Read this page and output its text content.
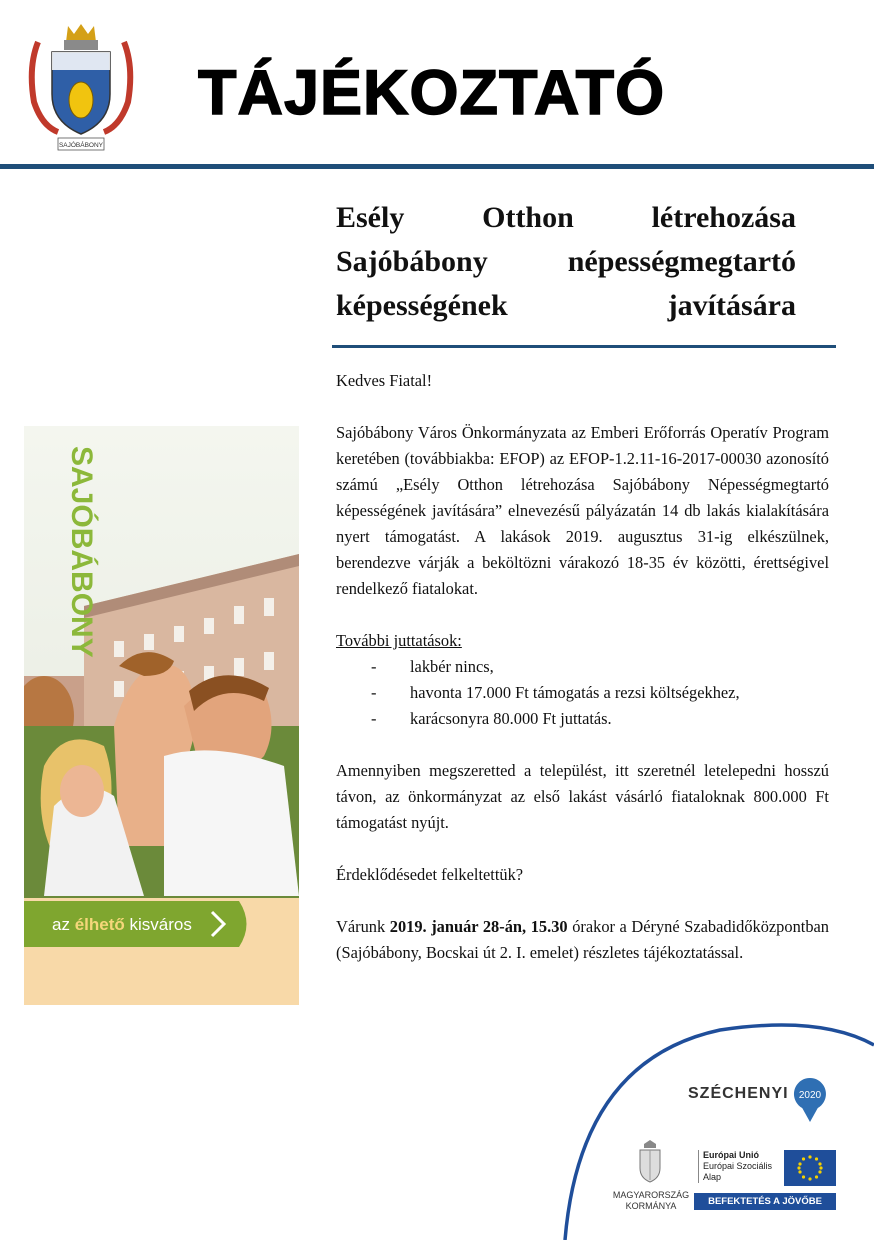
SAJÓBÁBONY
TÁJÉKOZTATÓ
Esély Otthon létrehozása Sajóbábony népességmegtartó képességének javítására

Kedves Fiatal!

Sajóbábony Város Önkormányzata az Emberi Erőforrás Operatív Program keretében (továbbiakba: EFOP) az EFOP-1.2.11-16-2017-00030 azonosító számú „Esély Otthon létrehozása Sajóbábony Népességmegtartó képességének javítására” elnevezésű pályázatán 14 db lakás kialakítására nyert támogatást. A lakások 2019. augusztus 31-ig elkészülnek, berendezve várják a beköltözni várakozó 18-35 év közötti, érettségivel rendelkező fiatalokat.

További juttatások:

- lakbér nincs,
- havonta 17.000 Ft támogatás a rezsi költségekhez,
- karácsonyra 80.000 Ft juttatás.

Amennyiben megszeretted a települést, itt szeretnél letelepedni hosszú távon, az önkormányzat az első lakást vásárló fiataloknak 800.000 Ft támogatást nyújt.

Érdeklődésedet felkeltettük?

Várunk 2019. január 28-án, 15.30 órakor a Déryné Szabadidőközpontban (Sajóbábony, Bocskai út 2. I. emelet) részletes tájékoztatással.

SAJÓBÁBONY
az élhető kisváros
SZÉCHENYI 2020
MAGYARORSZÁG
KORMÁNYA
Európai Unió
Európai Szociális
Alap
BEFEKTETÉS A JÖVŐBE
